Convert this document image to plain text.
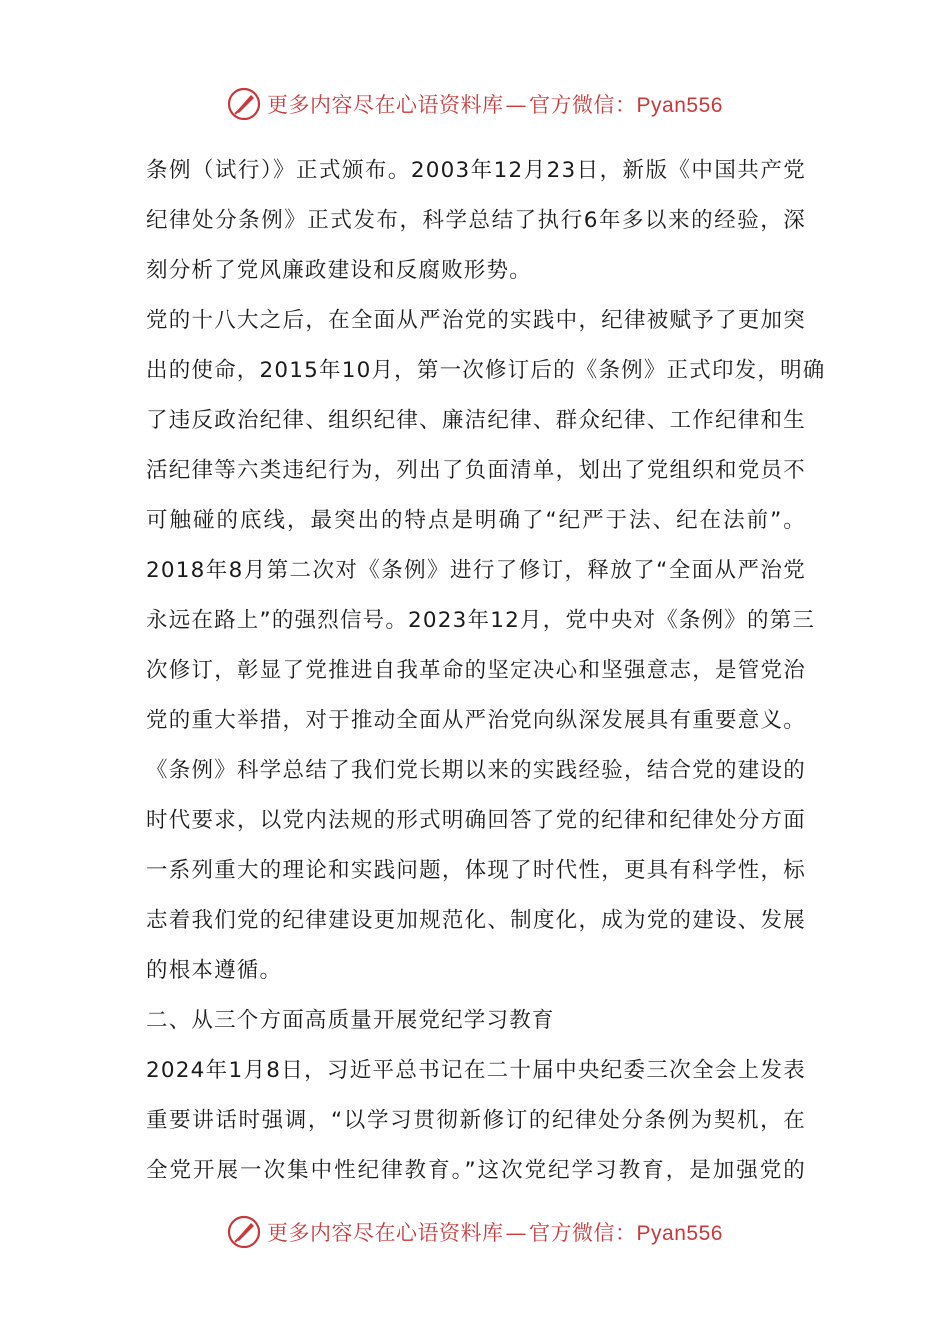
更多内容尽在心语资料库—官方微信：Pyan556
条例（试行）》正式颁布。2003年12月23日，新版《中国共产党
纪律处分条例》正式发布，科学总结了执行6年多以来的经验，深
刻分析了党风廉政建设和反腐败形势。
党的十八大之后，在全面从严治党的实践中，纪律被赋予了更加突
出的使命，2015年10月，第一次修订后的《条例》正式印发，明确
了违反政治纪律、组织纪律、廉洁纪律、群众纪律、工作纪律和生
活纪律等六类违纪行为，列出了负面清单，划出了党组织和党员不
可触碰的底线，最突出的特点是明确了“纪严于法、纪在法前”。
2018年8月第二次对《条例》进行了修订，释放了“全面从严治党
永远在路上”的强烈信号。2023年12月，党中央对《条例》的第三
次修订，彰显了党推进自我革命的坚定决心和坚强意志，是管党治
党的重大举措，对于推动全面从严治党向纵深发展具有重要意义。
《条例》科学总结了我们党长期以来的实践经验，结合党的建设的
时代要求，以党内法规的形式明确回答了党的纪律和纪律处分方面
一系列重大的理论和实践问题，体现了时代性，更具有科学性，标
志着我们党的纪律建设更加规范化、制度化，成为党的建设、发展
的根本遵循。
二、从三个方面高质量开展党纪学习教育
2024年1月8日，习近平总书记在二十届中央纪委三次全会上发表
重要讲话时强调，“以学习贯彻新修订的纪律处分条例为契机，在
全党开展一次集中性纪律教育。”这次党纪学习教育，是加强党的
更多内容尽在心语资料库—官方微信：Pyan556
